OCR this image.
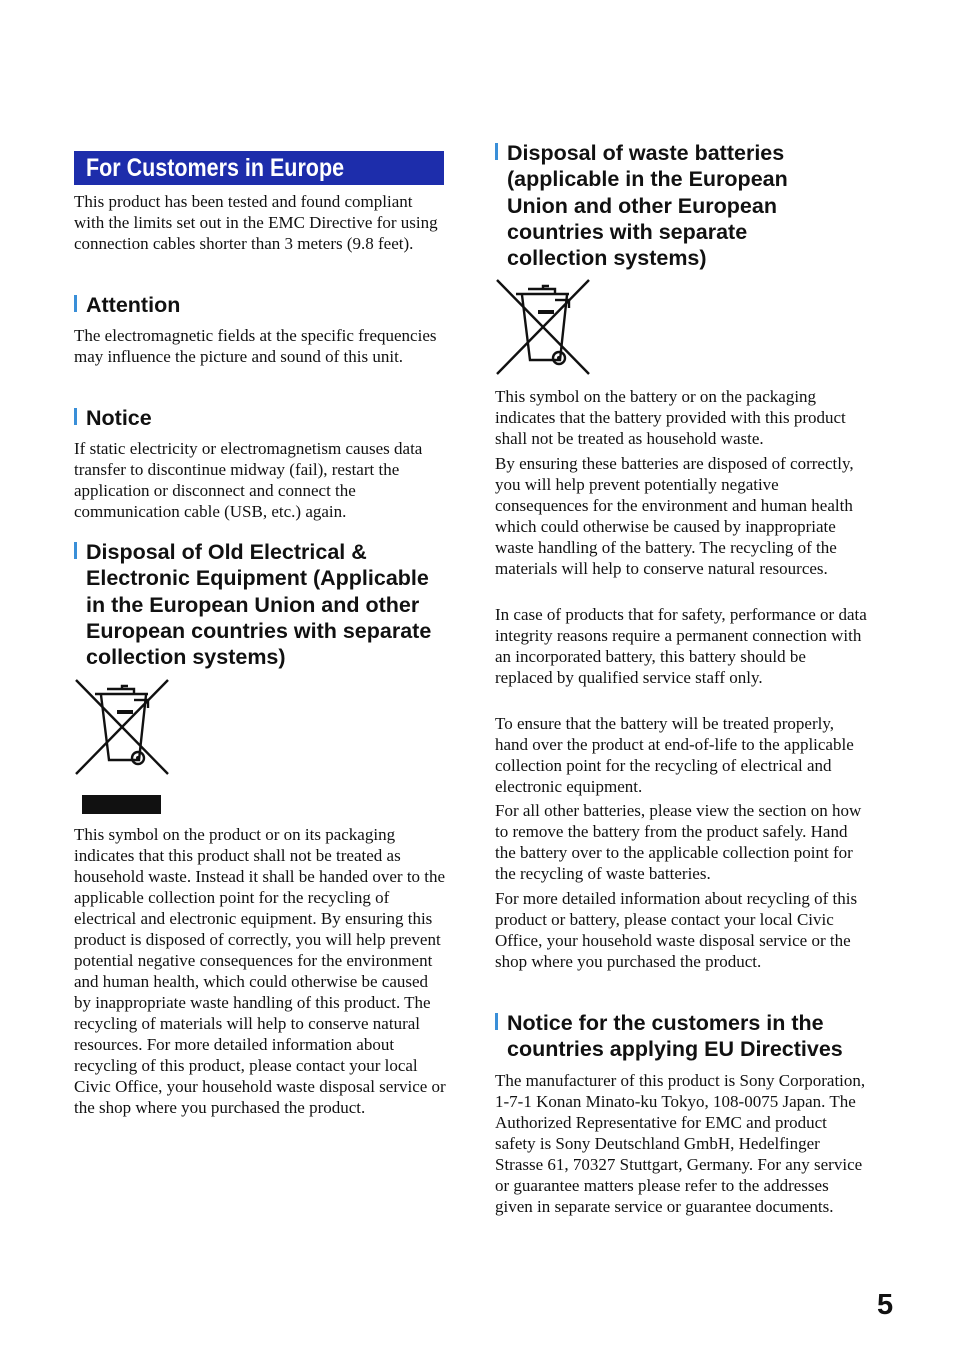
For Customers in Europe

This product has been tested and found compliant with the limits set out in the EMC Directive for using connection cables shorter than 3 meters (9.8 feet).

Attention

The electromagnetic fields at the specific frequencies may influence the picture and sound of this unit.

Notice

If static electricity or electromagnetism causes data transfer to discontinue midway (fail), restart the application or disconnect and connect the communication cable (USB, etc.) again.

Disposal of Old Electrical & Electronic Equipment (Applicable in the European Union and other European countries with separate collection systems)

This symbol on the product or on its packaging indicates that this product shall not be treated as household waste. Instead it shall be handed over to the applicable collection point for the recycling of electrical and electronic equipment. By ensuring this product is disposed of correctly, you will help prevent potential negative consequences for the environment and human health, which could otherwise be caused by inappropriate waste handling of this product. The recycling of materials will help to conserve natural resources. For more detailed information about recycling of this product, please contact your local Civic Office, your household waste disposal service or the shop where you purchased the product.

Disposal of waste batteries (applicable in the European Union and other European countries with separate collection systems)

This symbol on the battery or on the packaging indicates that the battery provided with this product shall not be treated as household waste.

By ensuring these batteries are disposed of correctly, you will help prevent potentially negative consequences for the environment and human health which could otherwise be caused by inappropriate waste handling of the battery. The recycling of the materials will help to conserve natural resources.

In case of products that for safety, performance or data integrity reasons require a permanent connection with an incorporated battery, this battery should be replaced by qualified service staff only.

To ensure that the battery will be treated properly, hand over the product at end-of-life to the applicable collection point for the recycling of electrical and electronic equipment.

For all other batteries, please view the section on how to remove the battery from the product safely. Hand the battery over to the applicable collection point for the recycling of waste batteries.

For more detailed information about recycling of this product or battery, please contact your local Civic Office, your household waste disposal service or the shop where you purchased the product.

Notice for the customers in the countries applying EU Directives

The manufacturer of this product is Sony Corporation, 1-7-1 Konan Minato-ku Tokyo, 108-0075 Japan. The Authorized Representative for EMC and product safety is Sony Deutschland GmbH, Hedelfinger Strasse 61, 70327 Stuttgart, Germany. For any service or guarantee matters please refer to the addresses given in separate service or guarantee documents.

5
